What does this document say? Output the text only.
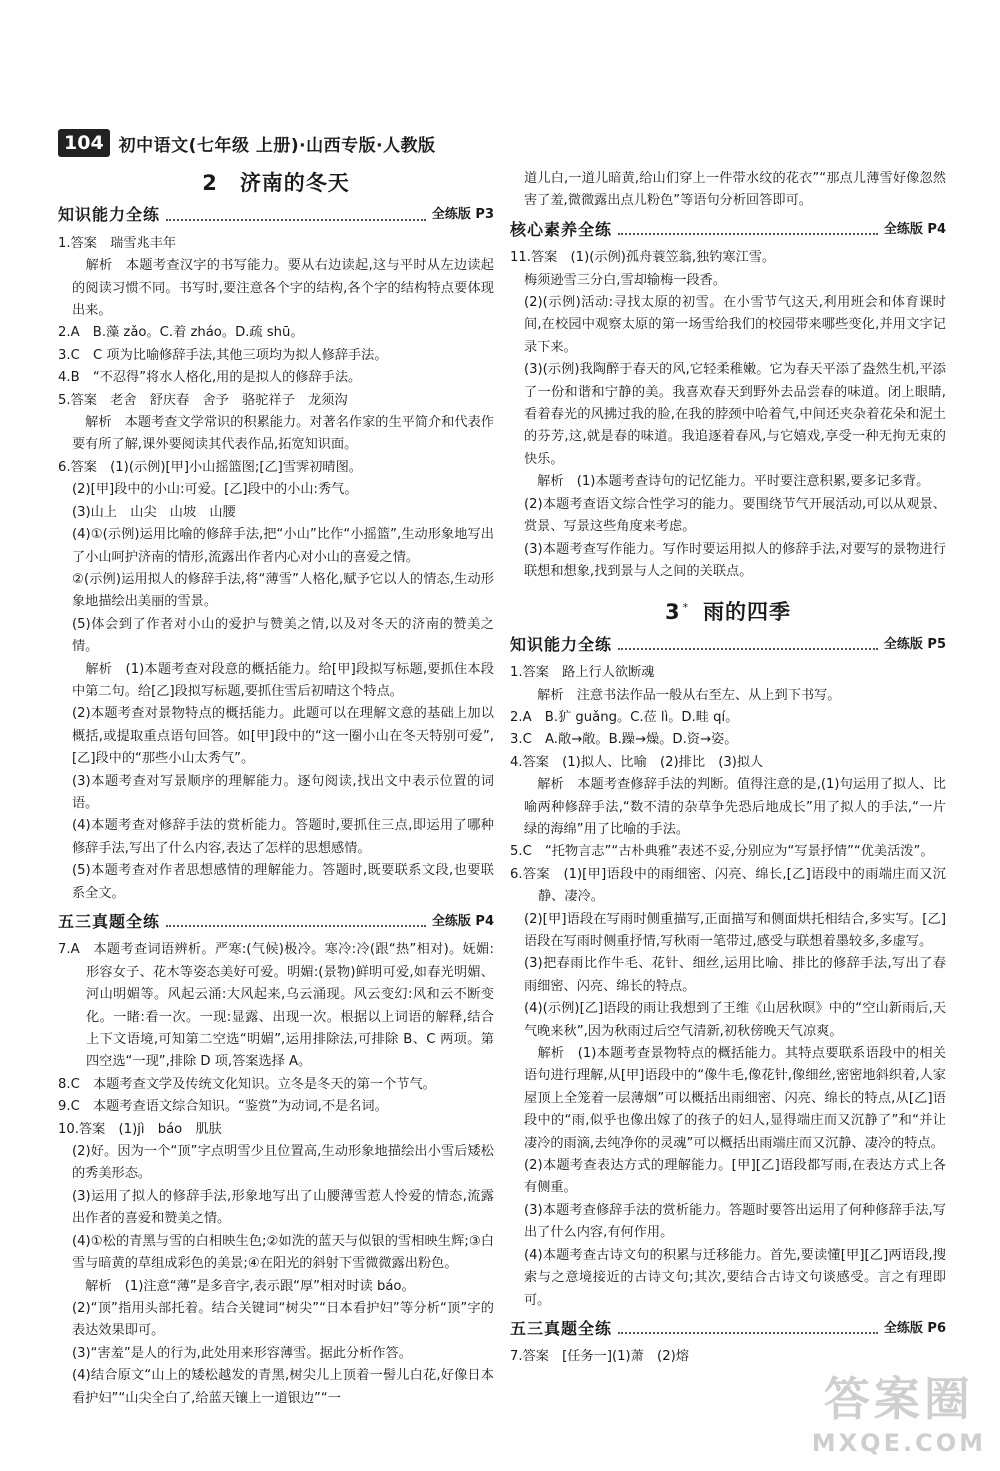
104 初中语文(七年级 上册)·山西专版·人教版
2 济南的冬天
知识能力全练	全练版 P3

1.答案　瑞雪兆丰年

　解析　本题考查汉字的书写能力。要从右边读起,这与平时从左边读起的阅读习惯不同。书写时,要注意各个字的结构,各个字的结构特点要体现出来。

2.A　B.藻 zǎo。C.着 zháo。D.疏 shū。

3.C　C 项为比喻修辞手法,其他三项均为拟人修辞手法。

4.B　“不忍得”将水人格化,用的是拟人的修辞手法。

5.答案　老舍　舒庆春　舍予　骆驼祥子　龙须沟

　解析　本题考查文学常识的积累能力。对著名作家的生平简介和代表作要有所了解,课外要阅读其代表作品,拓宽知识面。

6.答案　(1)(示例)[甲]小山摇篮图;[乙]雪霁初晴图。

(2)[甲]段中的小山:可爱。[乙]段中的小山:秀气。

(3)山上　山尖　山坡　山腰

(4)①(示例)运用比喻的修辞手法,把“小山”比作“小摇篮”,生动形象地写出了小山呵护济南的情形,流露出作者内心对小山的喜爱之情。

②(示例)运用拟人的修辞手法,将“薄雪”人格化,赋予它以人的情态,生动形象地描绘出美丽的雪景。

(5)体会到了作者对小山的爱护与赞美之情,以及对冬天的济南的赞美之情。

　解析　(1)本题考查对段意的概括能力。给[甲]段拟写标题,要抓住本段中第二句。给[乙]段拟写标题,要抓住雪后初晴这个特点。

(2)本题考查对景物特点的概括能力。此题可以在理解文意的基础上加以概括,或提取重点语句回答。如[甲]段中的“这一圈小山在冬天特别可爱”,[乙]段中的“那些小山太秀气”。

(3)本题考查对写景顺序的理解能力。逐句阅读,找出文中表示位置的词语。

(4)本题考查对修辞手法的赏析能力。答题时,要抓住三点,即运用了哪种修辞手法,写出了什么内容,表达了怎样的思想感情。

(5)本题考查对作者思想感情的理解能力。答题时,既要联系文段,也要联系全文。

五三真题全练	全练版 P4

7.A　本题考查词语辨析。严寒:(气候)极冷。寒冷:冷(跟“热”相对)。妩媚:形容女子、花木等姿态美好可爱。明媚:(景物)鲜明可爱,如春光明媚、河山明媚等。风起云涌:大风起来,乌云涌现。风云变幻:风和云不断变化。一睹:看一次。一现:显露、出现一次。根据以上词语的解释,结合上下文语境,可知第二空选“明媚”,运用排除法,可排除 B、C 两项。第四空选“一现”,排除 D 项,答案选择 A。

8.C　本题考查文学及传统文化知识。立冬是冬天的第一个节气。

9.C　本题考查语文综合知识。“鉴赏”为动词,不是名词。

10.答案　(1)jì　báo　肌肤

(2)好。因为一个“顶”字点明雪少且位置高,生动形象地描绘出小雪后矮松的秀美形态。

(3)运用了拟人的修辞手法,形象地写出了山腰薄雪惹人怜爱的情态,流露出作者的喜爱和赞美之情。

(4)①松的青黑与雪的白相映生色;②如洗的蓝天与似银的雪相映生辉;③白雪与暗黄的草组成彩色的美景;④在阳光的斜射下雪微微露出粉色。

　解析　(1)注意“薄”是多音字,表示跟“厚”相对时读 báo。

(2)“顶”指用头部托着。结合关键词“树尖”“日本看护妇”等分析“顶”字的表达效果即可。

(3)“害羞”是人的行为,此处用来形容薄雪。据此分析作答。

(4)结合原文“山上的矮松越发的青黑,树尖儿上顶着一髻儿白花,好像日本看护妇”“山尖全白了,给蓝天镶上一道银边”“一

道儿白,一道儿暗黄,给山们穿上一件带水纹的花衣”“那点儿薄雪好像忽然害了羞,微微露出点儿粉色”等语句分析回答即可。

核心素养全练	全练版 P4

11.答案　(1)(示例)孤舟蓑笠翁,独钓寒江雪。

梅须逊雪三分白,雪却输梅一段香。

(2)(示例)活动:寻找太原的初雪。在小雪节气这天,利用班会和体育课时间,在校园中观察太原的第一场雪给我们的校园带来哪些变化,并用文字记录下来。

(3)(示例)我陶醉于春天的风,它轻柔稚嫩。它为春天平添了盎然生机,平添了一份和谐和宁静的美。我喜欢春天到野外去品尝春的味道。闭上眼睛,看着春光的风拂过我的脸,在我的脖颈中哈着气,中间还夹杂着花朵和泥土的芬芳,这,就是春的味道。我追逐着春风,与它嬉戏,享受一种无拘无束的快乐。

　解析　(1)本题考查诗句的记忆能力。平时要注意积累,要多记多背。

(2)本题考查语文综合性学习的能力。要围绕节气开展活动,可以从观景、赏景、写景这些角度来考虑。

(3)本题考查写作能力。写作时要运用拟人的修辞手法,对要写的景物进行联想和想象,找到景与人之间的关联点。

3 * 雨的四季
知识能力全练	全练版 P5

1.答案　路上行人欲断魂

　解析　注意书法作品一般从右至左、从上到下书写。

2.A　B.犷 guǎng。C.莅 lì。D.畦 qí。

3.C　A.敞→敞。B.躁→燥。D.资→姿。

4.答案　(1)拟人、比喻　(2)排比　(3)拟人

　解析　本题考查修辞手法的判断。值得注意的是,(1)句运用了拟人、比喻两种修辞手法,“数不清的杂草争先恐后地成长”用了拟人的手法,“一片绿的海绵”用了比喻的手法。

5.C　“托物言志”“古朴典雅”表述不妥,分别应为“写景抒情”“优美活泼”。

6.答案　(1)[甲]语段中的雨细密、闪亮、绵长,[乙]语段中的雨端庄而又沉静、凄冷。

(2)[甲]语段在写雨时侧重描写,正面描写和侧面烘托相结合,多实写。[乙]语段在写雨时侧重抒情,写秋雨一笔带过,感受与联想着墨较多,多虚写。

(3)把春雨比作牛毛、花针、细丝,运用比喻、排比的修辞手法,写出了春雨细密、闪亮、绵长的特点。

(4)(示例)[乙]语段的雨让我想到了王维《山居秋暝》中的“空山新雨后,天气晚来秋”,因为秋雨过后空气清新,初秋傍晚天气凉爽。

　解析　(1)本题考查景物特点的概括能力。其特点要联系语段中的相关语句进行理解,从[甲]语段中的“像牛毛,像花针,像细丝,密密地斜织着,人家屋顶上全笼着一层薄烟”可以概括出雨细密、闪亮、绵长的特点,从[乙]语段中的“雨,似乎也像出嫁了的孩子的妇人,显得端庄而又沉静了”和“并让凄冷的雨滴,去纯净你的灵魂”可以概括出雨端庄而又沉静、凄冷的特点。

(2)本题考查表达方式的理解能力。[甲][乙]语段都写雨,在表达方式上各有侧重。

(3)本题考查修辞手法的赏析能力。答题时要答出运用了何种修辞手法,写出了什么内容,有何作用。

(4)本题考查古诗文句的积累与迁移能力。首先,要读懂[甲][乙]两语段,搜索与之意境接近的古诗文句;其次,要结合古诗文句谈感受。言之有理即可。

五三真题全练	全练版 P6

7.答案　[任务一](1)萧　(2)熔

答案圈
MXQE.COM
